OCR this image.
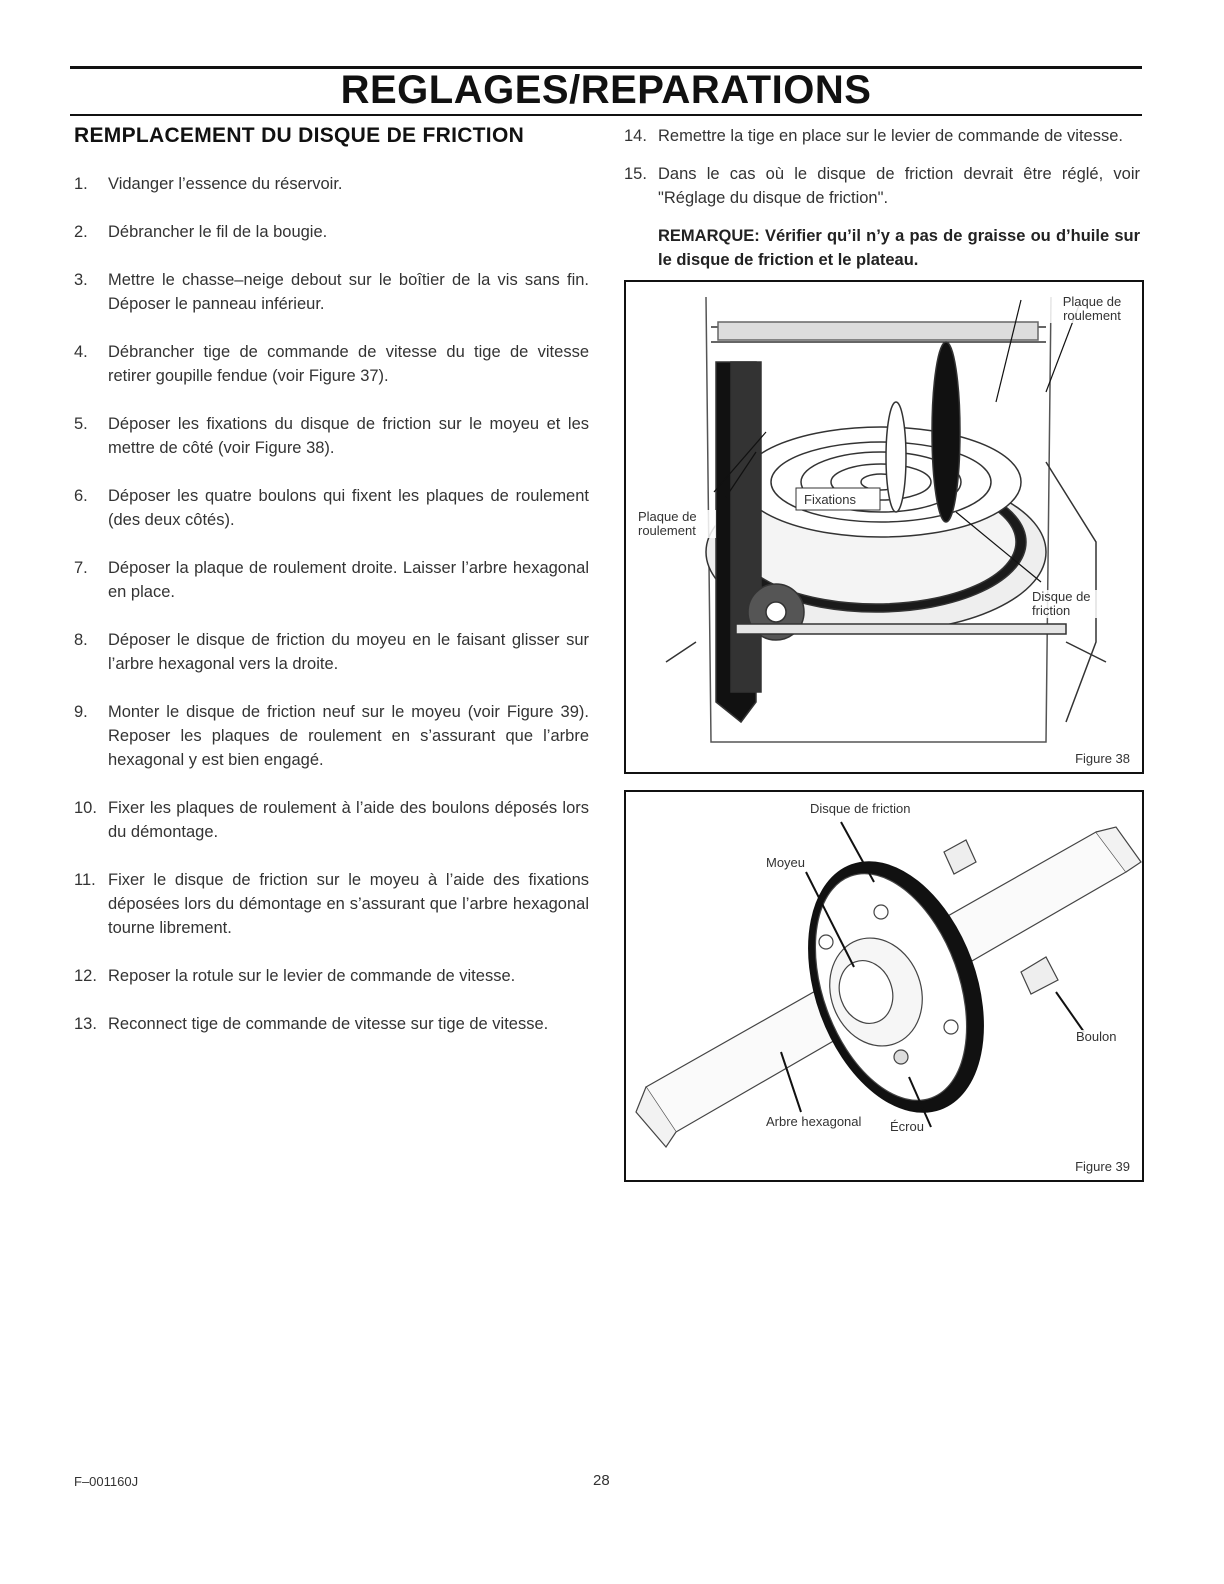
REGLAGES/REPARATIONS
REMPLACEMENT DU DISQUE DE FRICTION
1.	Vidanger l’essence du réservoir.
2.	Débrancher le fil de la bougie.
3.	Mettre le chasse–neige debout sur le boîtier de la vis sans fin. Déposer le panneau inférieur.
4.	Débrancher tige de commande de vitesse du tige de vitesse retirer goupille fendue (voir Figure 37).
5.	Déposer les fixations du disque de friction sur le moyeu et les mettre de côté (voir Figure 38).
6.	Déposer les quatre boulons qui fixent les plaques de roulement (des deux côtés).
7.	Déposer la plaque de roulement droite. Laisser l’arbre hexagonal en place.
8.	Déposer le disque de friction du moyeu en le faisant glisser sur l’arbre hexagonal vers la droite.
9.	Monter le disque de friction neuf sur le moyeu (voir Figure 39). Reposer les plaques de roulement en s’assurant que l’arbre hexagonal y est bien engagé.
10. Fixer les plaques de roulement à l’aide des boulons déposés lors du démontage.
11. Fixer le disque de friction sur le moyeu à l’aide des fixations déposées lors du démontage en s’assurant que l’arbre hexagonal tourne librement.
12. Reposer la rotule sur le levier de commande de vitesse.
13. Reconnect tige de commande de vitesse sur tige de vitesse.
14. Remettre la tige en place sur le levier de commande de vitesse.
15. Dans le cas où le disque de friction devrait être réglé, voir "Réglage du disque de friction".
REMARQUE: Vérifier qu’il n’y a pas de graisse ou d’huile sur le disque de friction et le plateau.
Plaque de roulement
Plaque de roulement
Fixations
Disque de friction
Figure 38
Disque de friction
Moyeu
Boulon
Arbre hexagonal Écrou
Figure 39
F–001160J	28
